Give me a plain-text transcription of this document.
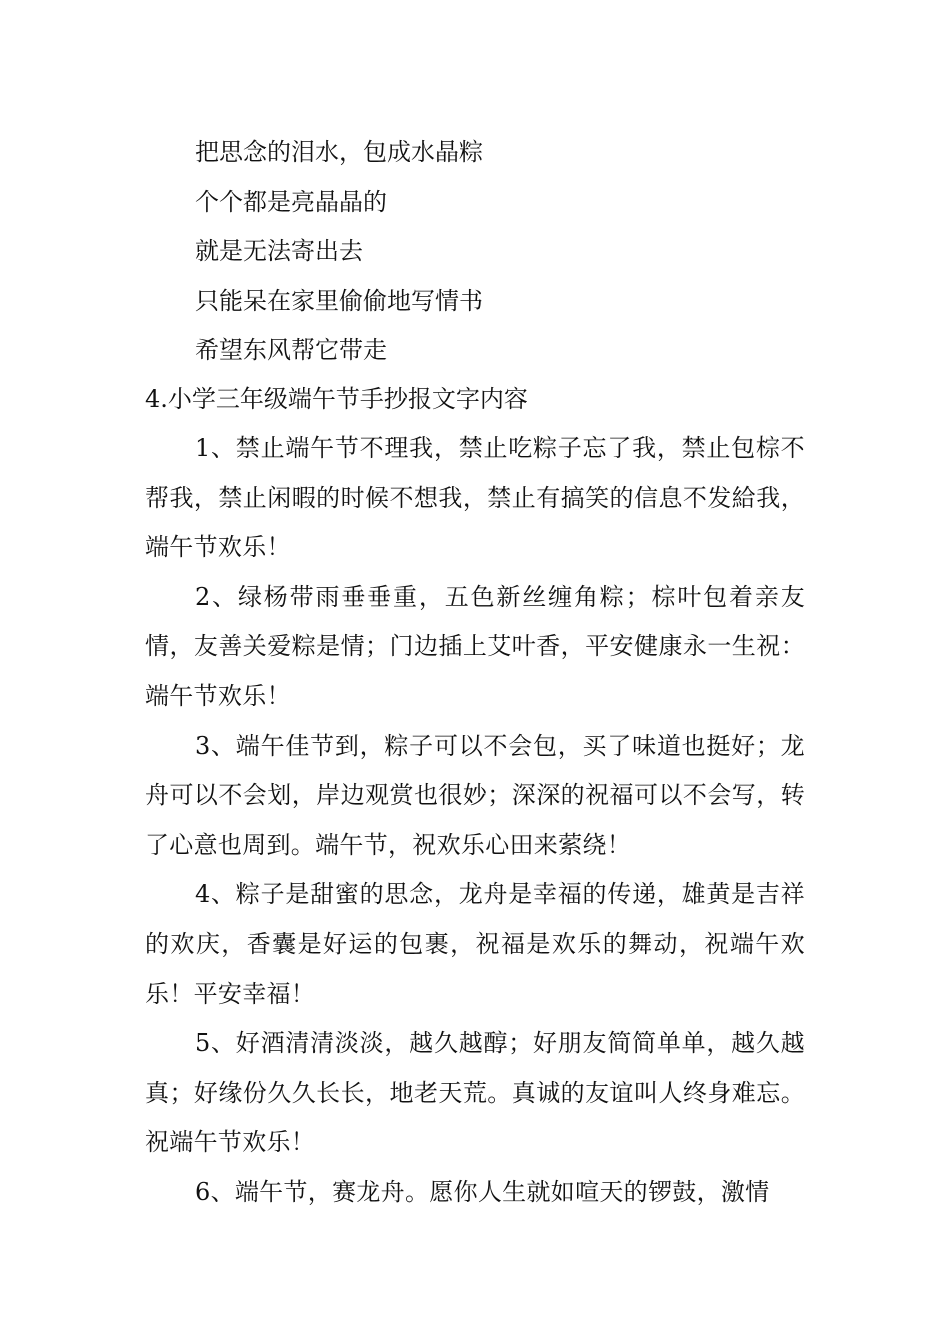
把思念的泪水，包成水晶粽
个个都是亮晶晶的
就是无法寄出去
只能呆在家里偷偷地写情书
希望东风帮它带走
4.小学三年级端午节手抄报文字内容

1、禁止端午节不理我，禁止吃粽子忘了我，禁止包棕不帮我，禁止闲暇的时候不想我，禁止有搞笑的信息不发給我，端午节欢乐！

2、绿杨带雨垂垂重，五色新丝缠角粽；棕叶包着亲友情，友善关爱粽是情；门边插上艾叶香，平安健康永一生祝：端午节欢乐！

3、端午佳节到，粽子可以不会包，买了味道也挺好；龙舟可以不会划，岸边观赏也很妙；深深的祝福可以不会写，转了心意也周到。端午节，祝欢乐心田来萦绕！

4、粽子是甜蜜的思念，龙舟是幸福的传递，雄黄是吉祥的欢庆，香囊是好运的包裹，祝福是欢乐的舞动，祝端午欢乐！平安幸福！

5、好酒清清淡淡，越久越醇；好朋友简简单单，越久越真；好缘份久久长长，地老天荒。真诚的友谊叫人终身难忘。祝端午节欢乐！

6、端午节，赛龙舟。愿你人生就如喧天的锣鼓，激情
